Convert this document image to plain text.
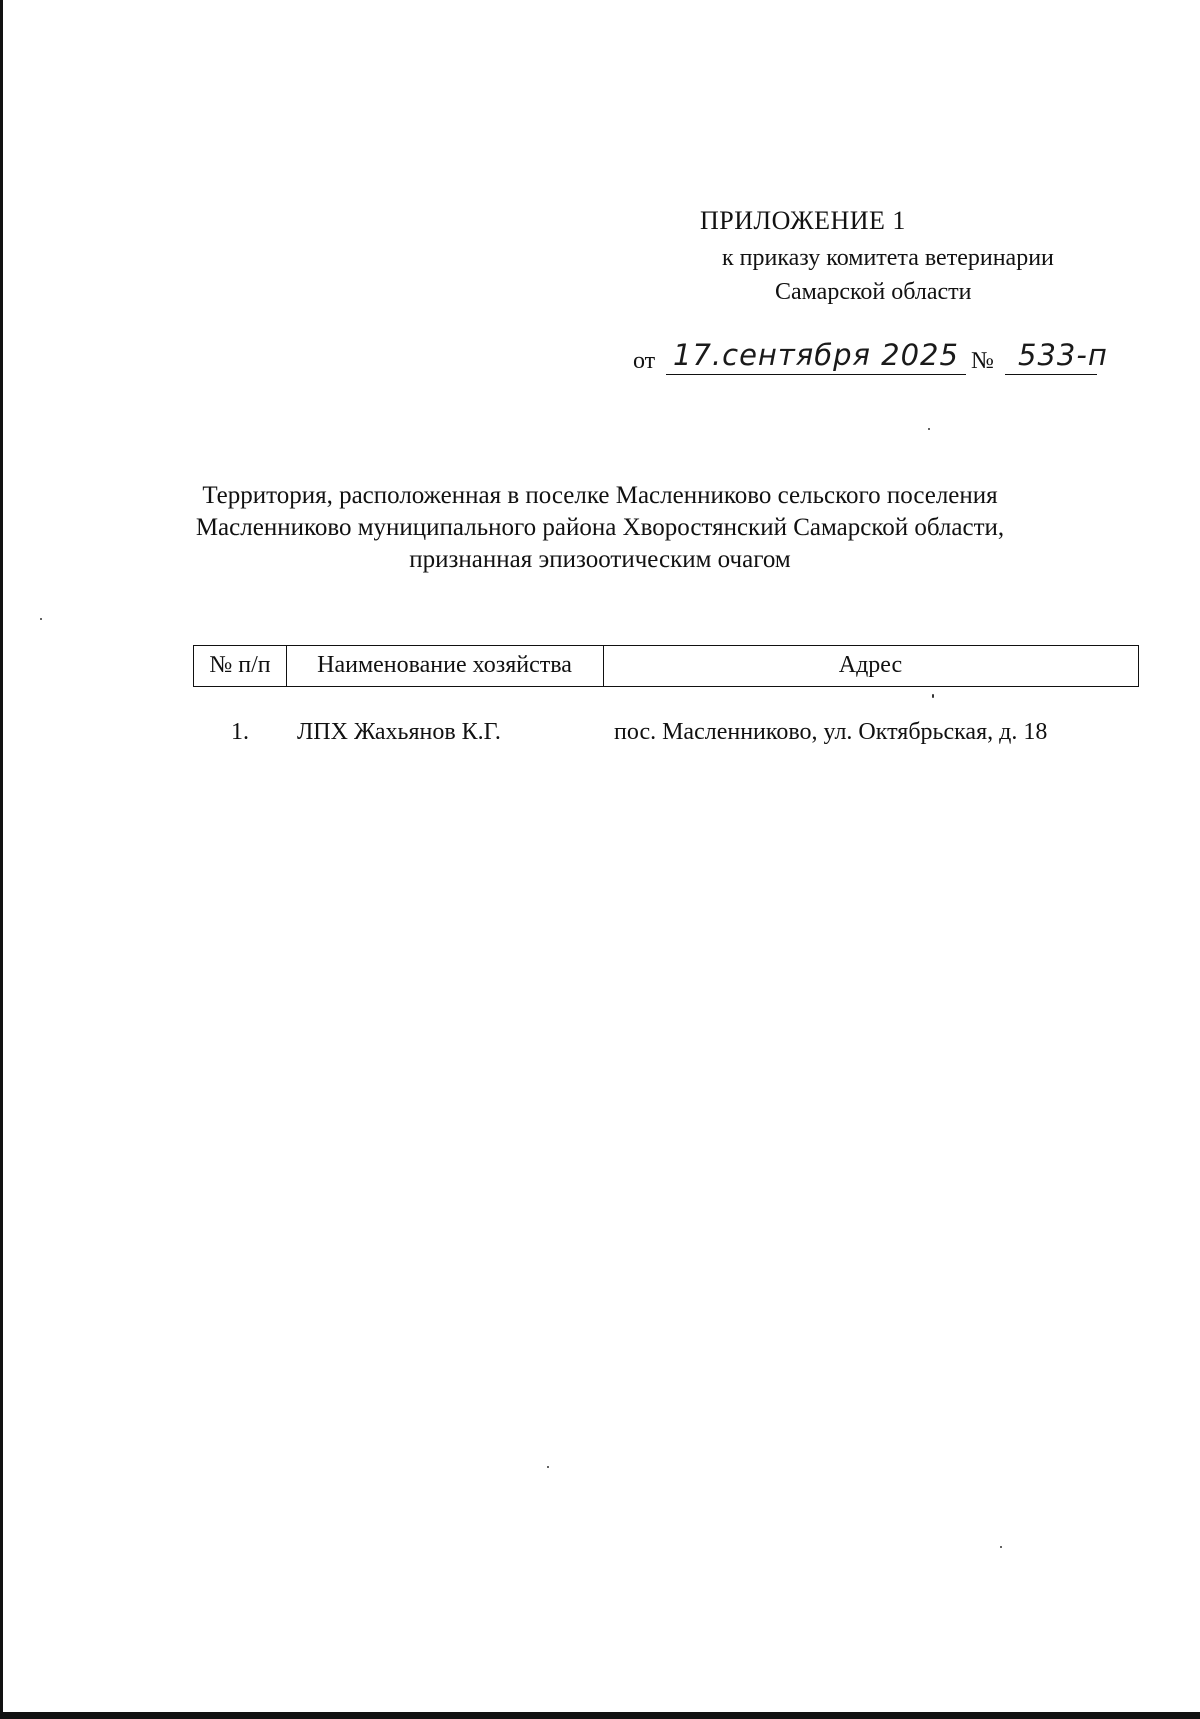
ПРИЛОЖЕНИЕ 1
к приказу комитета ветеринарии
Самарской области
от 17.сентября 2025 № 533-п
Территория, расположенная в поселке Масленниково сельского поселения
Масленниково муниципального района Хворостянский Самарской области,
признанная эпизоотическим очагом
№ п/п	Наименование хозяйства	Адрес
1. ЛПХ Жахьянов К.Г.	пос. Масленниково, ул. Октябрьская, д. 18
